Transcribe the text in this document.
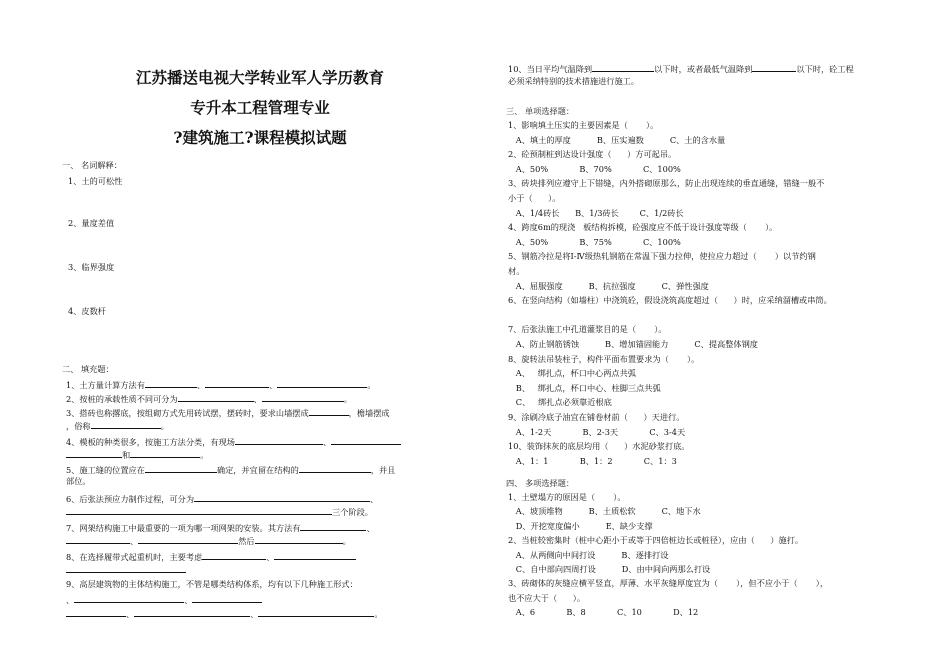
江苏播送电视大学转业军人学历教育
专升本工程管理专业
?建筑施工?课程模拟试题
一、 名词解释：
1、土的可松性
2、量度差值
3、临界强度
4、皮数杆
二、 填充题：
1、土方量计算方法有	、	、	。
2、按桩的承载性质不同可分为	、	。
3、搭砖也称撂底，按组砌方式先用砖试摆，摆砖时，要求山墙摆成	，檐墙摆成
，俗称	。
4、模板的种类很多，按施工方法分类，有现场	、
和	。
5、施工缝的位置应在	确定，并宜留在结构的	，并且
部位。
6、后张法预应力制作过程，可分为	、
三个阶段。
7、网架结构施工中最重要的一项为哪一项网架的安装。其方法有	、
、	然后	。
8、在选择履带式起重机时，主要考虑	、
9、高层建筑物的主体结构施工，不管是哪类结构体系，均有以下几种施工形式：
、	、
、	、	。
10、当日平均气温降到	以下时，或者最低气温降到	以下时，砼工程
必须采纳特别的技术措施进行施工。
三、 单项选择题：
1、影响填土压实的主要因素是（       ）。
A、填土的厚度          B、压实遍数          C、土的含水量
2、砼预制桩到达设计强度（      ）方可起吊。
A、50%            B、70%            C、100%
3、砖块排列应遵守上下错缝，内外搭砌原那么，防止出现连续的垂直通缝，错缝一般不
小于（      ）。
A、1/4砖长      B、1/3砖长        C、1/2砖长
4、跨度6m的现浇   板结构拆模，砼强度应不低于设计强度等级（       ）。
A、50%            B、75%            C、100%
5、钢筋冷拉是将Ⅰ-Ⅳ级热轧钢筋在常温下强力拉伸，使拉应力超过（       ）以节约钢
材。
A、屈服强度          B、抗拉强度          C、弹性强度
6、在竖向结构（如墙柱）中浇筑砼，假设浇筑高度超过（      ）时，应采纳溜槽或串筒。
7、后张法施工中孔道灌浆目的是（       ）。
A、防止钢筋锈蚀          B、增加锚固能力          C、提高整体钢度
8、旋转法吊装柱子，构件平面布置要求为（       ）。
A、   绑扎点，杯口中心两点共弧
B、   绑扎点，杯口中心、柱脚三点共弧
C、   绑扎点必须靠近根底
9、涂刷冷底子油宜在铺卷材前（      ）天进行。
A、1-2天            B、2-3天            C、3-4天
10、装饰抹灰的底层均用（      ）水泥砂浆打底。
A、1：1            B、1：2            C、1：3
四、 多项选择题：
1、土壁塌方的原因是（       ）。
A、坡顶堆物          B、土质松软          C、地下水
D、开挖宽度偏小          E、缺少支撑
2、当桩较密集时（桩中心距小于或等于四倍桩边长或桩径），应由（      ）施打。
A、从两侧向中间打设          B、逐排打设
C、自中部向四周打设          D、由中间向两那么打设
3、砖砌体的灰缝应横平竖直，厚薄、水平灰缝厚度宜为（       ），但不应小于（       ），
也不应大于（      ）。
A、6            B、8            C、10            D、12
